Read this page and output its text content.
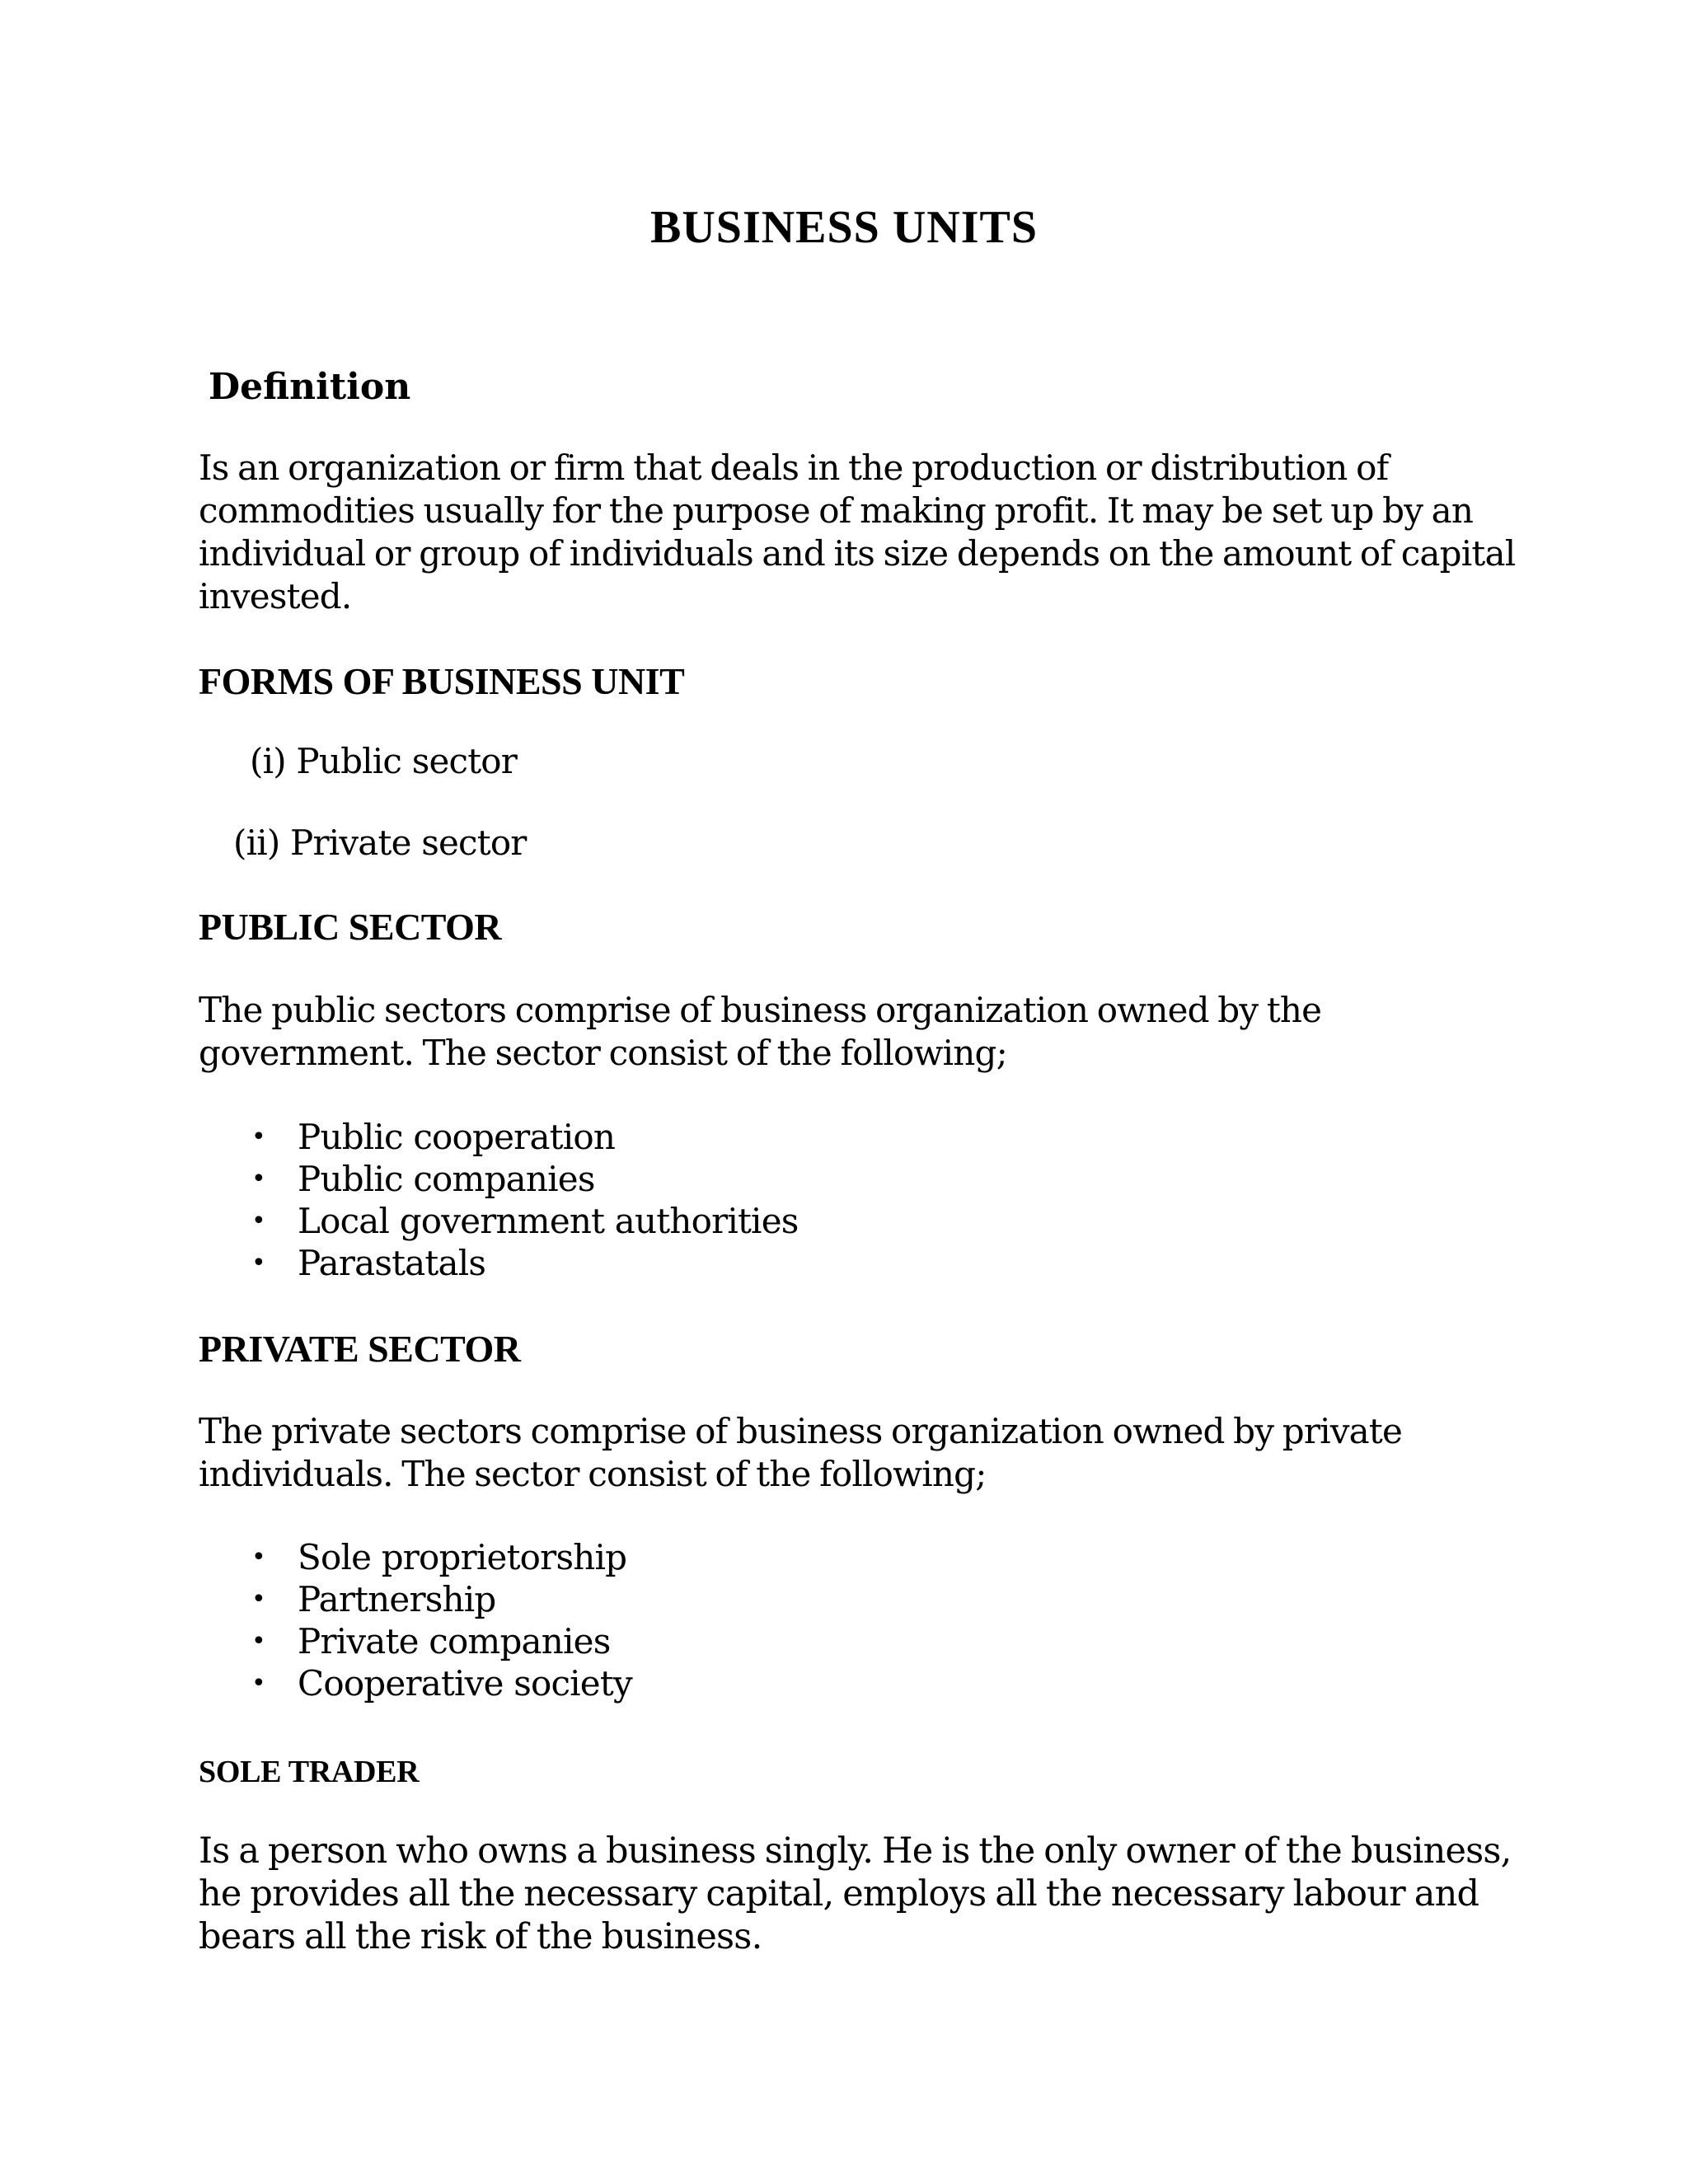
BUSINESS UNITS
Definition

Is an organization or firm that deals in the production or distribution of commodities usually for the purpose of making profit. It may be set up by an individual or group of individuals and its size depends on the amount of capital invested.

FORMS OF BUSINESS UNIT

(i) Public sector

(ii) Private sector

PUBLIC SECTOR

The public sectors comprise of business organization owned by the government. The sector consist of the following;

• Public cooperation
• Public companies
• Local government authorities
• Parastatals
PRIVATE SECTOR

The private sectors comprise of business organization owned by private individuals. The sector consist of the following;

• Sole proprietorship
• Partnership
• Private companies
• Cooperative society
SOLE TRADER

Is a person who owns a business singly. He is the only owner of the business, he provides all the necessary capital, employs all the necessary labour and bears all the risk of the business.
